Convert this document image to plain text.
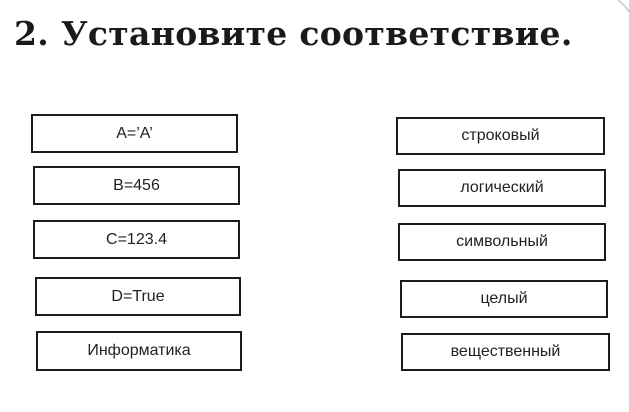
2. Установите соответствие.
A=’A’
B=456
C=123.4
D=True
Информатика
строковый
логический
символьный
целый
вещественный
